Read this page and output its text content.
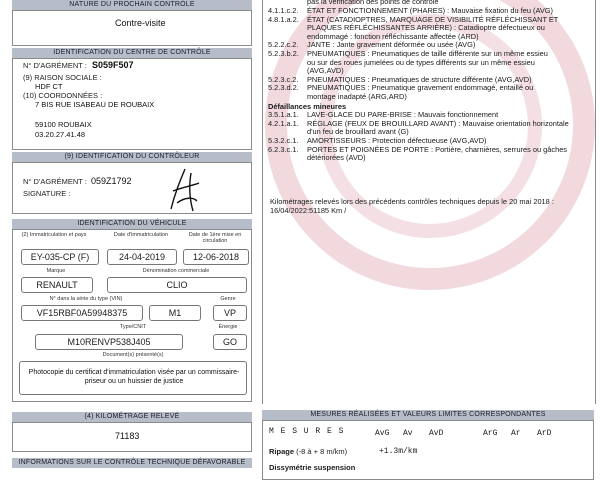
NATURE DU PROCHAIN CONTRÔLE
Contre-visite
IDENTIFICATION DU CENTRE DE CONTRÔLE
N° D'AGRÉMENT : S059F507
(9) RAISON SOCIALE :
HDF CT
(10) COORDONNÉES :
7 BIS RUE ISABEAU DE ROUBAIX
59100 ROUBAIX
03.20.27.41.48
(9) IDENTIFICATION DU CONTRÔLEUR
N° D'AGRÉMENT : 059Z1792
SIGNATURE :
IDENTIFICATION DU VÉHICULE
(2) Immatriculation et pays	Date d'immatriculation	Date de 1ère mise en circulation
EY-035-CP (F)	24-04-2019	12-06-2018
Marque	Dénomination commerciale
RENAULT	CLIO
N° dans la série du type (VIN)	Genre
VF15RBF0A59948375	M1	VP
Type/CNIT	Énergie
M10RENVP538J405	GO
Document(s) présenté(s)
Photocopie du certificat d'immatriculation visée par un commissaire-priseur ou un huissier de justice
(4) KILOMÉTRAGE RELEVÉ
71183
INFORMATIONS SUR LE CONTRÔLE TECHNIQUE DÉFAVORABLE
pas la vérification des points de contrôle
4.1.1.c.2. ÉTAT ET FONCTIONNEMENT (PHARES) : Mauvaise fixation du feu (AVG)
4.8.1.a.2. ÉTAT (CATADIOPTRES, MARQUAGE DE VISIBILITÉ RÉFLÉCHISSANT ET
PLAQUES RÉFLÉCHISSANTES ARRIÈRE) : Catadioptre défectueux ou
endommagé : fonction réfléchissante affectée (ARD)
5.2.2.c.2. JANTE : Jante gravement déformée ou usée (AVG)
5.2.3.b.2. PNEUMATIQUES : Pneumatiques de taille différente sur un même essieu
ou sur des roues jumelées ou de types différents sur un même essieu
(AVG,AVD)
5.2.3.c.2. PNEUMATIQUES : Pneumatiques de structure différente (AVG,AVD)
5.2.3.d.2. PNEUMATIQUES : Pneumatique gravement endommagé, entaillé ou
montage inadapté (ARG,ARD)
Défaillances mineures
3.5.1.a.1. LAVE-GLACE DU PARE-BRISE : Mauvais fonctionnement
4.2.1.a.1. RÉGLAGE (FEUX DE BROUILLARD AVANT) : Mauvaise orientation horizontale
d'un feu de brouillard avant (G)
5.3.2.c.1. AMORTISSEURS : Protection défectueuse (AVG,AVD)
6.2.3.c.1. PORTES ET POIGNÉES DE PORTE : Portière, charnières, serrures ou gâches
détériorées (AVD)
Kilométrages relevés lors des précédents contrôles techniques depuis le 20 mai 2018 :
16/04/2022:51185 Km /
MESURES RÉALISÉES ET VALEURS LIMITES CORRESPONDANTES
M E S U R E S	AvG Av AvD	ArG Ar ArD
Ripage (-8 à + 8 m/km)	+1.3m/km
Dissymétrie suspension
